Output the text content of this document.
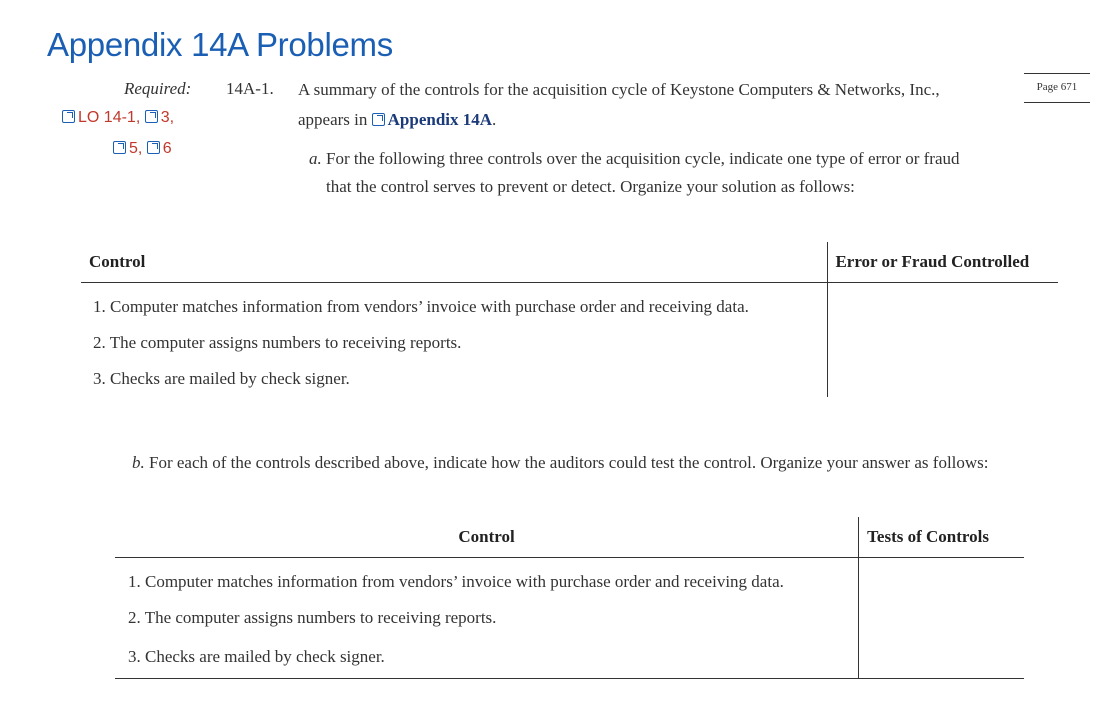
Appendix 14A Problems
Required: 14A-1.	Page 671
LO 14-1, 3,
5, 6
A summary of the controls for the acquisition cycle of Keystone Computers & Networks, Inc.,
appears in Appendix 14A.
a. For the following three controls over the acquisition cycle, indicate one type of error or fraud
that the control serves to prevent or detect. Organize your solution as follows:
Control	Error or Fraud Controlled
1. Computer matches information from vendors’ invoice with purchase order and receiving data.	
2. The computer assigns numbers to receiving reports.	
3. Checks are mailed by check signer.	
b. For each of the controls described above, indicate how the auditors could test the control. Organize your answer as follows:
Control	Tests of Controls
1. Computer matches information from vendors’ invoice with purchase order and receiving data.	
2. The computer assigns numbers to receiving reports.	
3. Checks are mailed by check signer.	
